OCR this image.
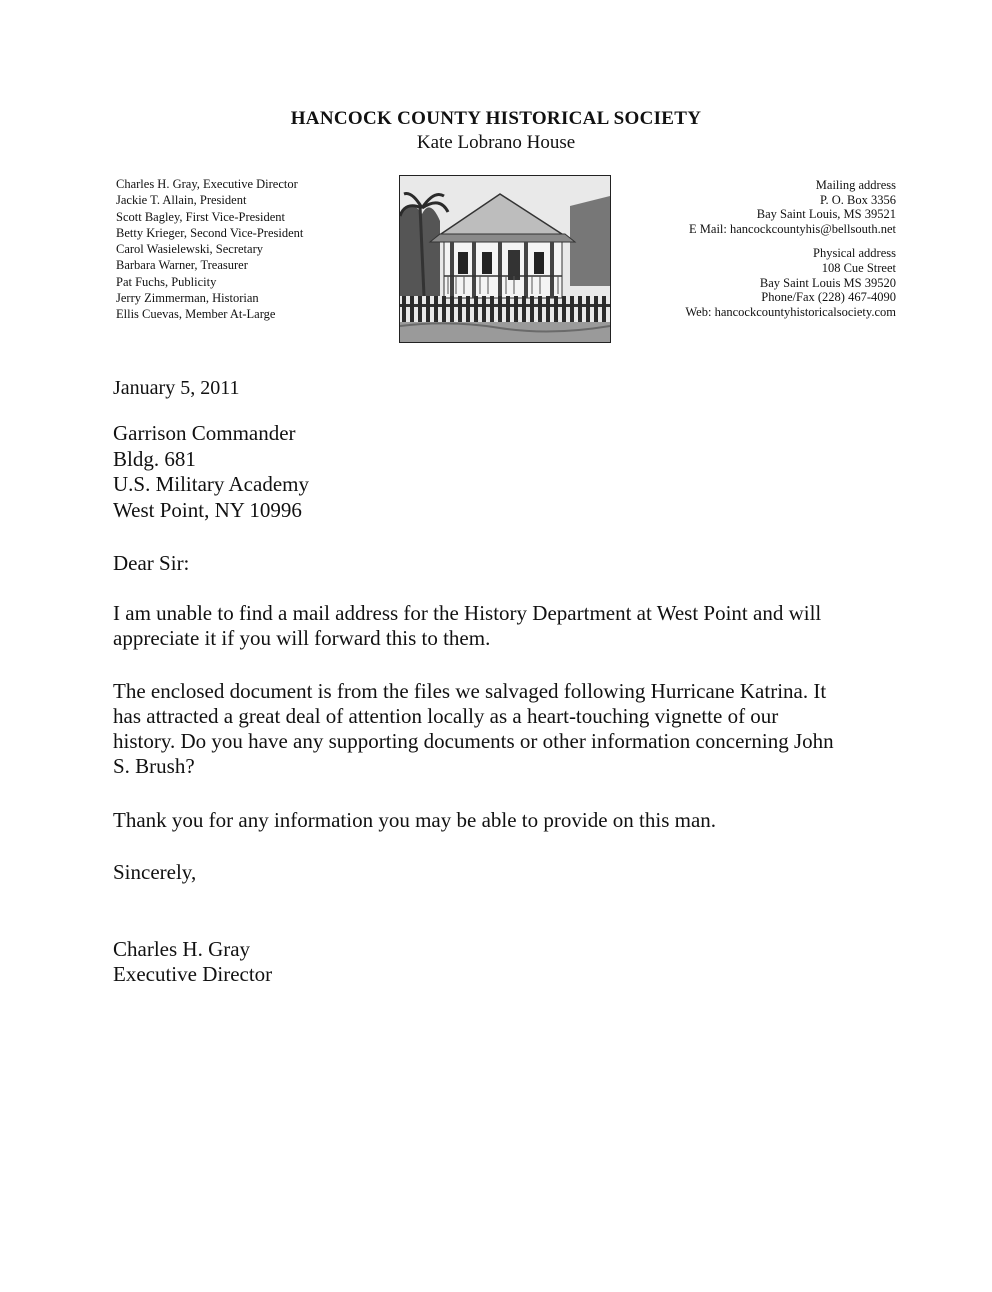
HANCOCK COUNTY HISTORICAL SOCIETY
Kate Lobrano House
Charles H. Gray, Executive Director
Jackie T. Allain, President
Scott Bagley, First Vice-President
Betty Krieger, Second Vice-President
Carol Wasielewski, Secretary
Barbara Warner, Treasurer
Pat Fuchs, Publicity
Jerry Zimmerman, Historian
Ellis Cuevas, Member At-Large
Mailing address
P. O. Box 3356
Bay Saint Louis, MS 39521
E Mail: hancockcountyhis@bellsouth.net
Physical address
108 Cue Street
Bay Saint Louis MS 39520
Phone/Fax (228) 467-4090
Web: hancockcountyhistoricalsociety.com
January 5, 2011
Garrison Commander
Bldg. 681
U.S. Military Academy
West Point, NY 10996
Dear Sir:
I am unable to find a mail address for the History Department at West Point and will
appreciate it if you will forward this to them.
The enclosed document is from the files we salvaged following Hurricane Katrina. It
has attracted a great deal of attention locally as a heart-touching vignette of our
history. Do you have any supporting documents or other information concerning John
S. Brush?
Thank you for any information you may be able to provide on this man.
Sincerely,
Charles H. Gray
Executive Director
